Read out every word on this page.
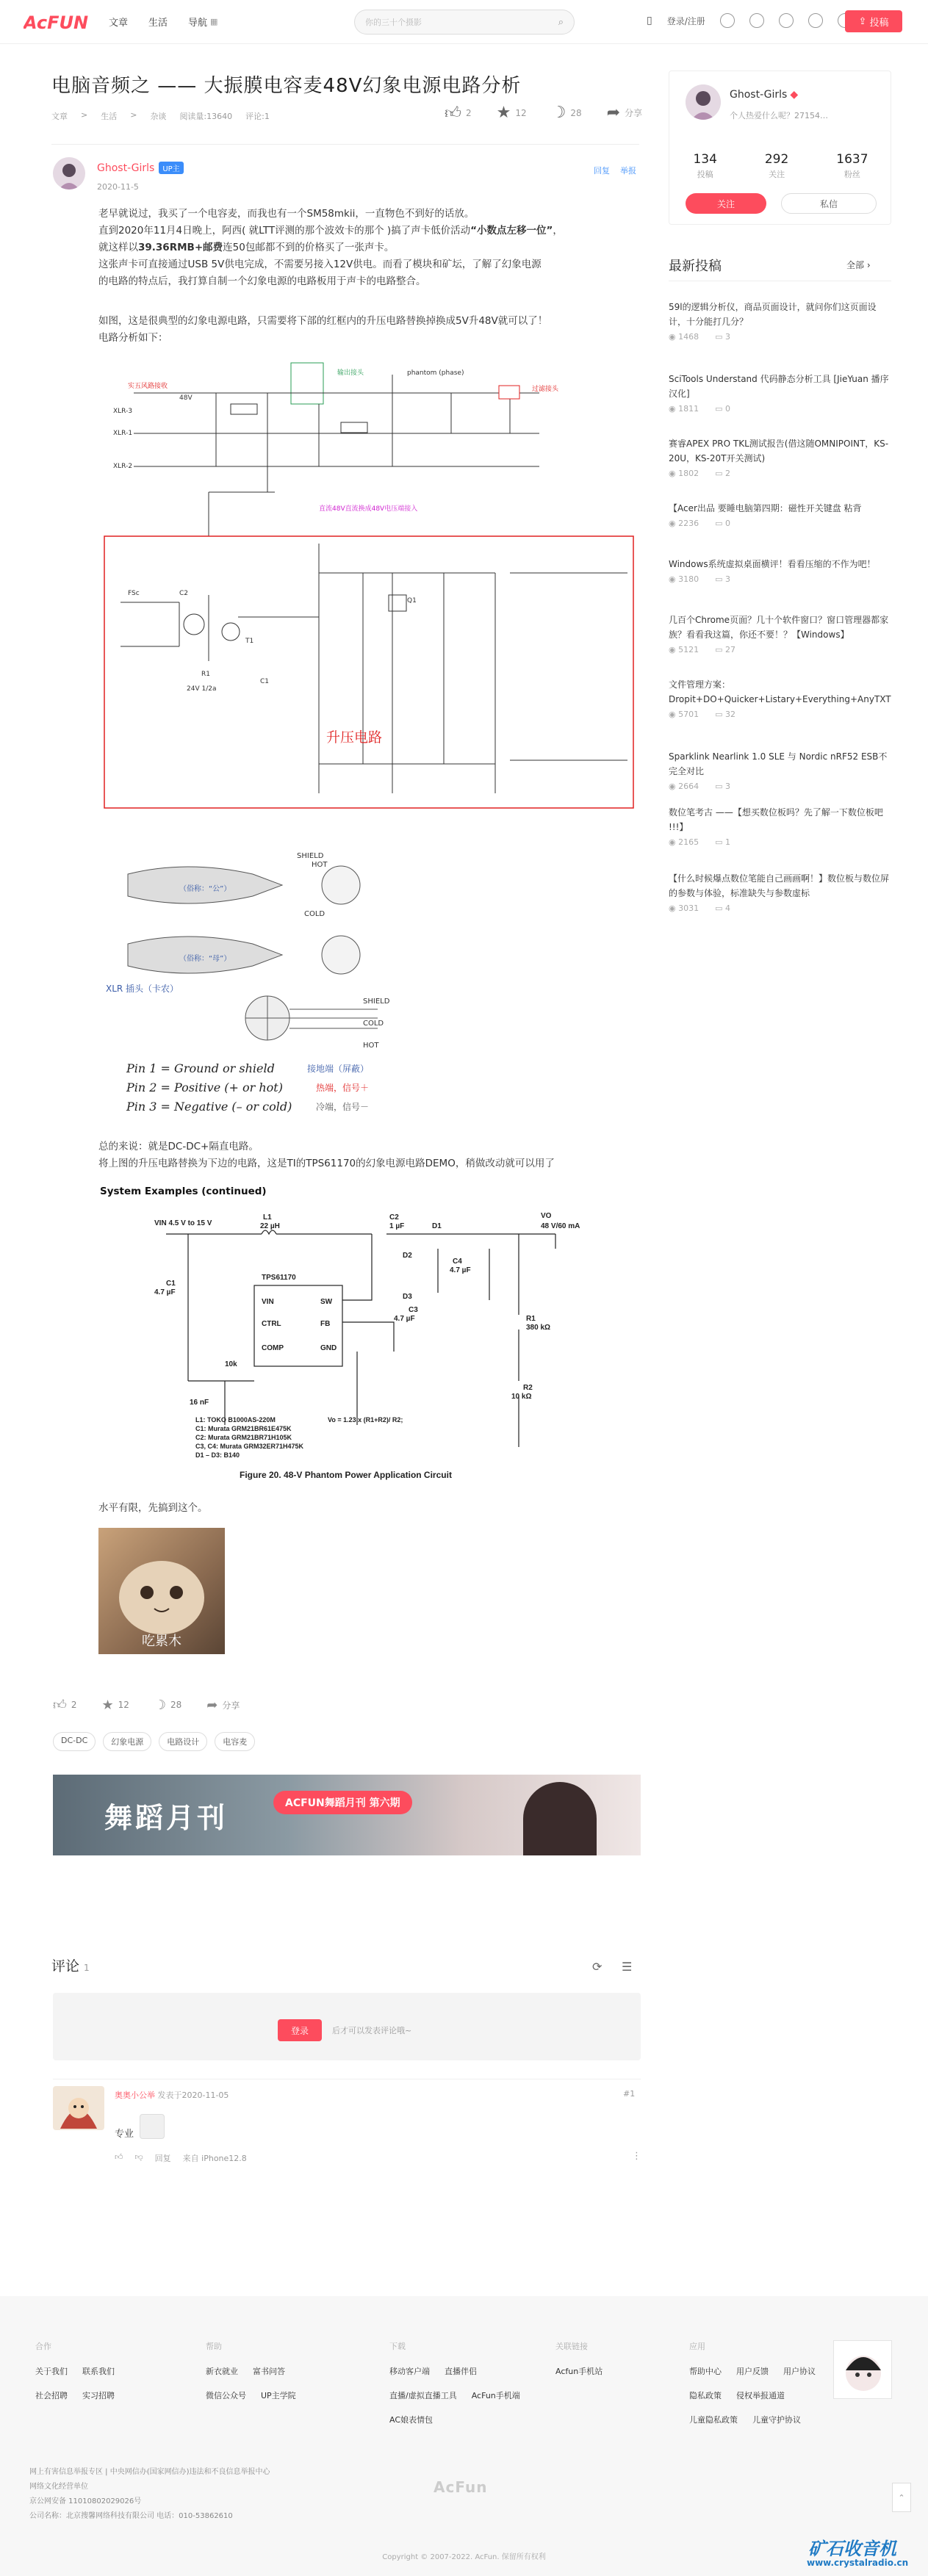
AcFUN 文章 生活 导航 ▦	你的三十个摄影	⌕	▯ 登录/注册	⇪ 投稿
电脑音频之 —— 大振膜电容麦48V幻象电源电路分析
文章 > 生活 > 杂谈 阅读量:13640 评论:1	👍︎ 2 ★ 12 ☽ 28 ➦ 分享
Ghost-Girls	UP主
2020-11-5
回复 举报

老早就说过，我买了一个电容麦，而我也有一个SM58mkii，一直物色不到好的话放。

直到2020年11月4日晚上，阿西( 就LTT评测的那个波效卡的那个 )搞了声卡低价活动“小数点左移一位”，

就这样以39.36RMB+邮费连50包邮都不到的价格买了一张声卡。

这张声卡可直接通过USB 5V供电完成，不需要另接入12V供电。而看了模块和矿坛，了解了幻象电源

的电路的特点后，我打算自制一个幻象电源的电路板用于声卡的电路整合。

如图，这是很典型的幻象电源电路，只需要将下部的红框内的升压电路替换掉换成5V升48V就可以了！

电路分析如下：

实五风路接收
48V
输出接头	phantom (phase)
过滤接头
直流48V直流换成48V电压端接入
XLR-1
XLR-2
XLR-3
升压电路
FSc	C2
R1
T1
Q1
C1
24V 1/2a
（俗称：“公”）
（俗称：“母”）
XLR 插头（卡农）
SHIELD
COLD
HOT
SHIELD
HOT
COLD
Pin 1 = Ground or shield	接地端（屏蔽）
Pin 2 = Positive (+ or hot)	热端，信号＋
Pin 3 = Negative (– or cold)	冷端，信号－

总的来说：就是DC-DC+隔直电路。

将上图的升压电路替换为下边的电路，这是TI的TPS61170的幻象电源电路DEMO，稍做改动就可以用了

System Examples (continued)
VIN 4.5 V to 15 V
VO
48 V/60 mA
TPS61170
VIN	SW
CTRL	FB
COMP	GND
L1
22 µH
C2
1 µF	D1
D2
D3
C4
4.7 µF
C1
4.7 µF
C3
4.7 µF	R1
380 kΩ
R2
10 kΩ
10k
16 nF
L1: TOKO B1000AS-220M
C1: Murata GRM21BR61E475K
C2: Murata GRM21BR71H105K
C3, C4: Murata GRM32ER71H475K
D1 – D3: B140
Vo = 1.23 x (R1+R2)/ R2;
Figure 20. 48-V Phantom Power Application Circuit

水平有限，先搞到这个。

吃累木
👍︎ 2 ★ 12 ☽ 28 ➦ 分享
DC-DC	幻象电源	电路设计	电容麦
舞蹈月刊	ACFUN舞蹈月刊 第六期
评论 1	⟳ ☰
登录	后才可以发表评论哦~
奥奥小公举 发表于2020-11-05	#1
专业
👍︎ 👎︎ 回复 来自 iPhone12.8	⋮
Ghost-Girls ◆
个人热爱什么呢？27154…
134
投稿
292
关注
1637
粉丝
关注	私信
最新投稿	全部 ›
59l的逻辑分析仪，商品页面设计，就问你们这页面设计，十分能打几分？
◉ 1468 ▭ 3
SciTools Understand 代码静态分析工具 [JieYuan 播序 汉化]
◉ 1811 ▭ 0
赛睿APEX PRO TKL测试报告(借这随OMNIPOINT，KS-20U，KS-20T开关测试)
◉ 1802 ▭ 2
【Acer出品 要睡电脑第四期：磁性开关键盘 粘背
◉ 2236 ▭ 0
Windows系统虚拟桌面横评！看看压缩的不作为吧！
◉ 3180 ▭ 3
几百个Chrome页面？几十个软件窗口？窗口管理器都家族？看看我这篇，你还不要！？【Windows】
◉ 5121 ▭ 27
文件管理方案：Dropit+DO+Quicker+Listary+Everything+AnyTXT
◉ 5701 ▭ 32
Sparklink Nearlink 1.0 SLE 与 Nordic nRF52 ESB不完全对比
◉ 2664 ▭ 3
数位笔考古 ——【想买数位板吗？先了解一下数位板吧 !!!】
◉ 2165 ▭ 1
【什么时候爆点数位笔能自己画画啊！】数位板与数位屏的参数与体验，标准缺失与参数虚标
◉ 3031 ▭ 4
合作
关于我们 联系我们
社会招聘 实习招聘
帮助
新衣就业 富书问答
微信公众号 UP主学院
下载
移动客户端 直播伴侣
直播/虚拟直播工具 AcFun手机端
AC娘表情包
关联链接
Acfun手机站
应用
帮助中心 用户反馈 用户协议
隐私政策 侵权举报通道
儿童隐私政策 儿童守护协议
网上有害信息举报专区 | 中央网信办(国家网信办)违法和不良信息举报中心
网络文化经营单位
京公网安备 11010802029026号
公司名称：北京搜馨网络科技有限公司 电话：010-53862610
AcFun
Copyright © 2007-2022. AcFun. 保留所有权利
⌃
矿石收音机
www.crystalradio.cn
